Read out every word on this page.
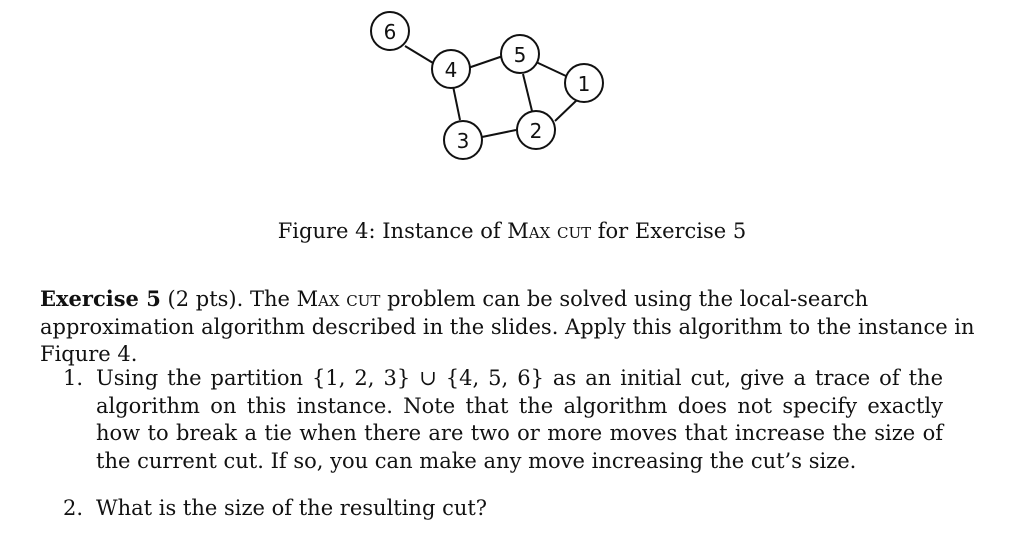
6
4
5
1
3	2
Figure 4: Instance of Max cut for Exercise 5
Exercise 5 (2 pts). The Max cut problem can be solved using the local-search approximation algorithm described in the slides. Apply this algorithm to the instance in Fiqure 4.
1. Using the partition {1, 2, 3} ∪ {4, 5, 6} as an initial cut, give a trace of the algorithm on this instance. Note that the algorithm does not specify exactly how to break a tie when there are two or more moves that increase the size of the current cut. If so, you can make any move increasing the cut’s size.
2. What is the size of the resulting cut?
